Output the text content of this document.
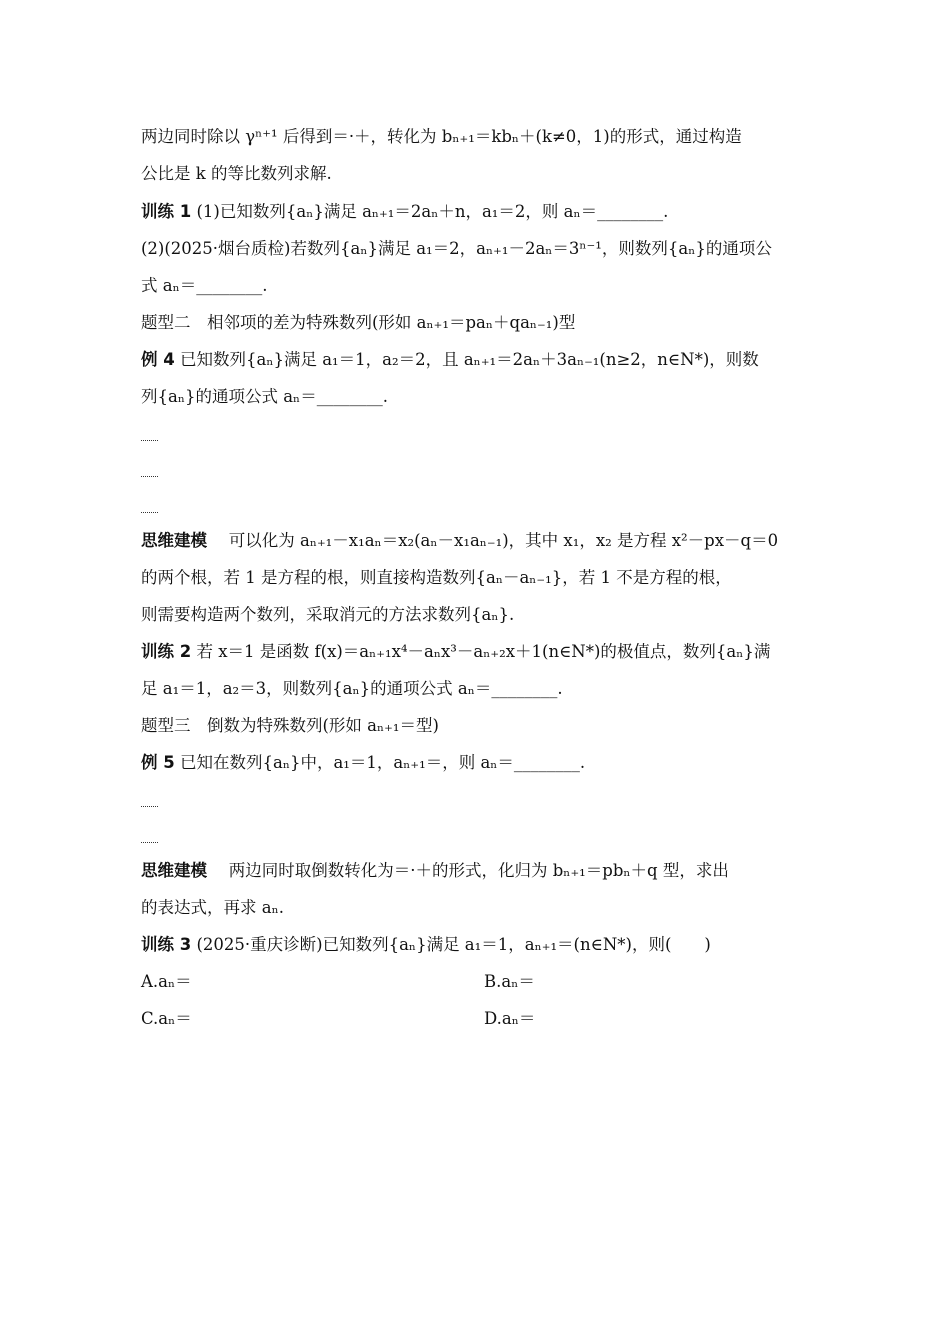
两边同时除以 γⁿ⁺¹ 后得到＝·＋，转化为 bₙ₊₁＝kbₙ＋(k≠0，1)的形式，通过构造
公比是 k 的等比数列求解.
训练 1 (1)已知数列{aₙ}满足 aₙ₊₁＝2aₙ＋n，a₁＝2，则 aₙ＝________.
(2)(2025·烟台质检)若数列{aₙ}满足 a₁＝2，aₙ₊₁－2aₙ＝3ⁿ⁻¹，则数列{aₙ}的通项公
式 aₙ＝________.
题型二　相邻项的差为特殊数列(形如 aₙ₊₁＝paₙ＋qaₙ₋₁)型
例 4 已知数列{aₙ}满足 a₁＝1，a₂＝2，且 aₙ₊₁＝2aₙ＋3aₙ₋₁(n≥2，n∈N*)，则数
列{aₙ}的通项公式 aₙ＝________.
思维建模　 可以化为 aₙ₊₁－x₁aₙ＝x₂(aₙ－x₁aₙ₋₁)，其中 x₁，x₂ 是方程 x²－px－q＝0
的两个根，若 1 是方程的根，则直接构造数列{aₙ－aₙ₋₁}，若 1 不是方程的根，
则需要构造两个数列，采取消元的方法求数列{aₙ}.
训练 2 若 x＝1 是函数 f(x)＝aₙ₊₁x⁴－aₙx³－aₙ₊₂x＋1(n∈N*)的极值点，数列{aₙ}满
足 a₁＝1，a₂＝3，则数列{aₙ}的通项公式 aₙ＝________.
题型三　倒数为特殊数列(形如 aₙ₊₁＝型)
例 5 已知在数列{aₙ}中，a₁＝1，aₙ₊₁＝，则 aₙ＝________.
思维建模　 两边同时取倒数转化为＝·＋的形式，化归为 bₙ₊₁＝pbₙ＋q 型，求出
的表达式，再求 aₙ.
训练 3 (2025·重庆诊断)已知数列{aₙ}满足 a₁＝1，aₙ₊₁＝(n∈N*)，则(　　)
A.aₙ＝	B.aₙ＝
C.aₙ＝	D.aₙ＝
